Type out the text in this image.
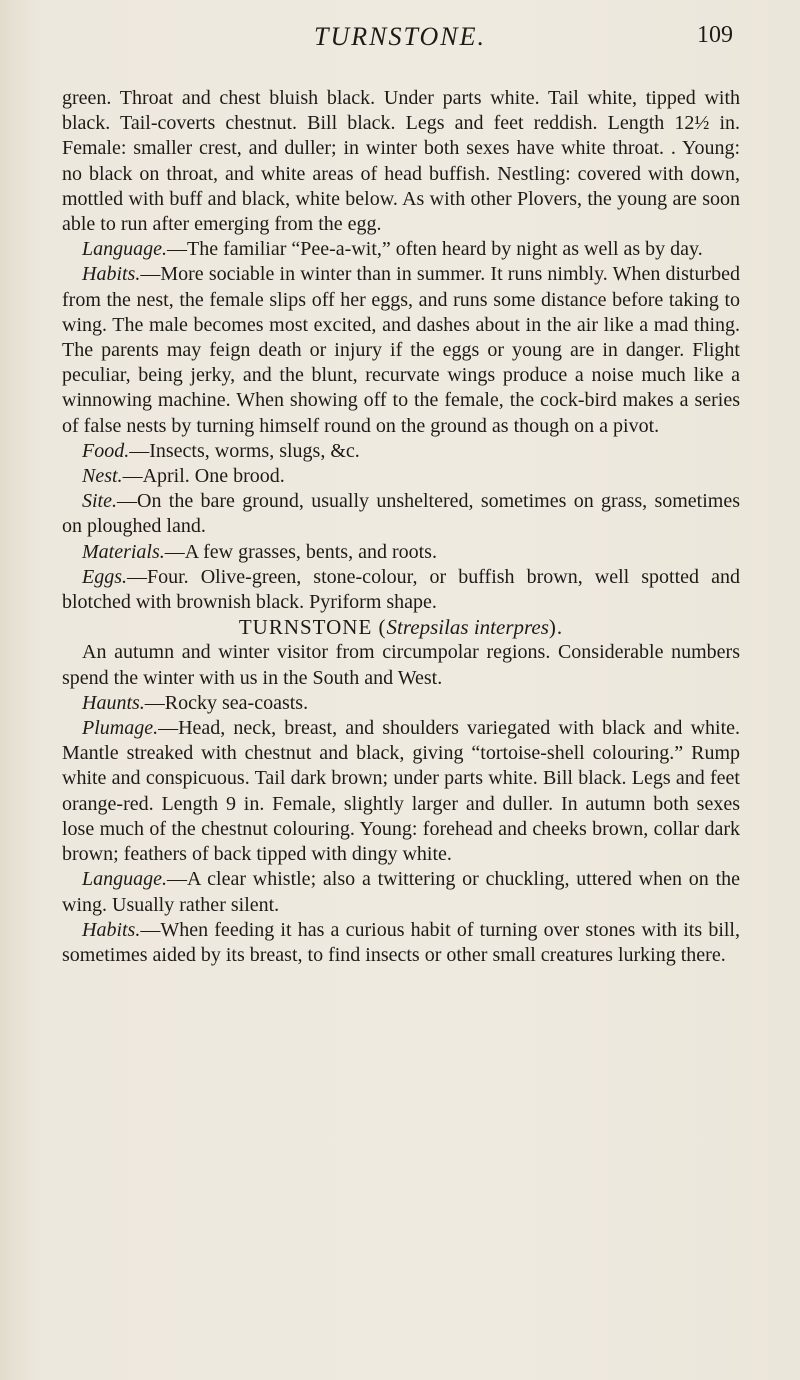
TURNSTONE.	109

green. Throat and chest bluish black. Under parts white. Tail white, tipped with black. Tail-coverts chestnut. Bill black. Legs and feet reddish. Length 12½ in. Female: smaller crest, and duller; in winter both sexes have white throat. . Young: no black on throat, and white areas of head buffish. Nestling: covered with down, mottled with buff and black, white below. As with other Plovers, the young are soon able to run after emerging from the egg.

Language.—The familiar “Pee-a-wit,” often heard by night as well as by day.

Habits.—More sociable in winter than in summer. It runs nimbly. When disturbed from the nest, the female slips off her eggs, and runs some distance before taking to wing. The male becomes most excited, and dashes about in the air like a mad thing. The parents may feign death or injury if the eggs or young are in danger. Flight peculiar, being jerky, and the blunt, recurvate wings produce a noise much like a winnowing machine. When showing off to the female, the cock-bird makes a series of false nests by turning himself round on the ground as though on a pivot.

Food.—Insects, worms, slugs, &c.

Nest.—April. One brood.

Site.—On the bare ground, usually unsheltered, sometimes on grass, sometimes on ploughed land.

Materials.—A few grasses, bents, and roots.

Eggs.—Four. Olive-green, stone-colour, or buffish brown, well spotted and blotched with brownish black. Pyriform shape.

TURNSTONE (Strepsilas interpres).

An autumn and winter visitor from circumpolar regions. Considerable numbers spend the winter with us in the South and West.

Haunts.—Rocky sea-coasts.

Plumage.—Head, neck, breast, and shoulders variegated with black and white. Mantle streaked with chestnut and black, giving “tortoise-shell colouring.” Rump white and conspicuous. Tail dark brown; under parts white. Bill black. Legs and feet orange-red. Length 9 in. Female, slightly larger and duller. In autumn both sexes lose much of the chestnut colouring. Young: forehead and cheeks brown, collar dark brown; feathers of back tipped with dingy white.

Language.—A clear whistle; also a twittering or chuckling, uttered when on the wing. Usually rather silent.

Habits.—When feeding it has a curious habit of turning over stones with its bill, sometimes aided by its breast, to find insects or other small creatures lurking there.
